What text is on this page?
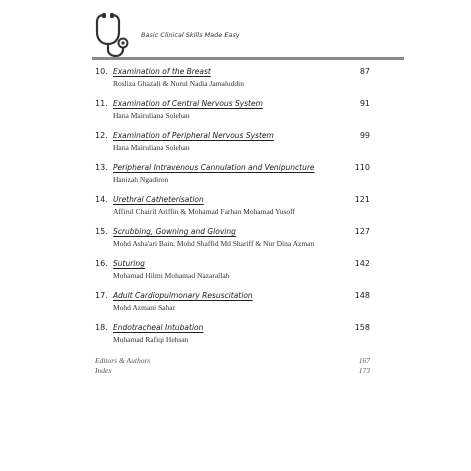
Basic Clinical Skills Made Easy
10. Examination of the Breast
Rosliza Ghazali & Nurul Nadia Jamaluddin
87
11. Examination of Central Nervous System
Hana Mairuliana Solehan
91
12. Examination of Peripheral Nervous System
Hana Mairuliana Solehan
99
13. Peripheral Intravenous Cannulation and Venipuncture
Hanizah Ngadiron
110
14. Urethral Catheterisation
Affirul Chairil Ariffin & Mohamad Farhan Mohamad Yusoff
121
15. Scrubbing, Gowning and Gloving
Mohd Asha'ari Bain, Mohd Shaffid Md Shariff & Nur Dina Azman
127
16. Suturing
Mohamad Hilmi Mohamad Nazarallah
142
17. Adult Cardiopulmonary Resuscitation
Mohd Azmani Sahar
148
18. Endotracheal Intubation
Muhamad Rafiqi Hehsan
158
Editors & Authors	167
Index	173
